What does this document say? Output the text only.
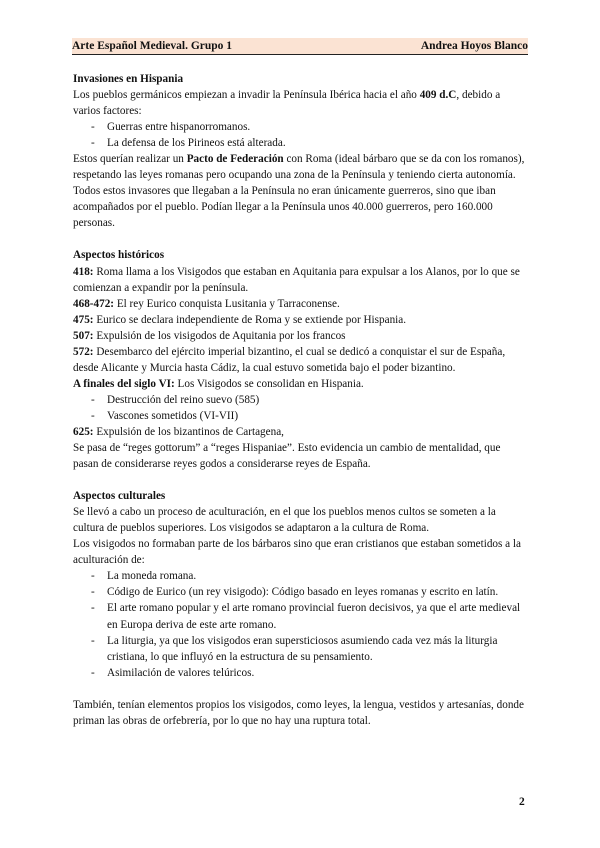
Arte Español Medieval. Grupo 1	Andrea Hoyos Blanco

Invasiones en Hispania

Los pueblos germánicos empiezan a invadir la Península Ibérica hacia el año 409 d.C, debido a varios factores:

- Guerras entre hispanorromanos.
- La defensa de los Pirineos está alterada.

Estos querían realizar un Pacto de Federación con Roma (ideal bárbaro que se da con los romanos), respetando las leyes romanas pero ocupando una zona de la Península y teniendo cierta autonomía. Todos estos invasores que llegaban a la Península no eran únicamente guerreros, sino que iban acompañados por el pueblo. Podían llegar a la Península unos 40.000 guerreros, pero 160.000 personas.

Aspectos históricos

418: Roma llama a los Visigodos que estaban en Aquitania para expulsar a los Alanos, por lo que se comienzan a expandir por la península.

468-472: El rey Eurico conquista Lusitania y Tarraconense.

475: Eurico se declara independiente de Roma y se extiende por Hispania.

507: Expulsión de los visigodos de Aquitania por los francos

572: Desembarco del ejército imperial bizantino, el cual se dedicó a conquistar el sur de España, desde Alicante y Murcia hasta Cádiz, la cual estuvo sometida bajo el poder bizantino.

A finales del siglo VI: Los Visigodos se consolidan en Hispania.

- Destrucción del reino suevo (585)
- Vascones sometidos (VI-VII)

625: Expulsión de los bizantinos de Cartagena,

Se pasa de “reges gottorum” a “reges Hispaniae”. Esto evidencia un cambio de mentalidad, que pasan de considerarse reyes godos a considerarse reyes de España.

Aspectos culturales

Se llevó a cabo un proceso de aculturación, en el que los pueblos menos cultos se someten a la cultura de pueblos superiores. Los visigodos se adaptaron a la cultura de Roma.

Los visigodos no formaban parte de los bárbaros sino que eran cristianos que estaban sometidos a la aculturación de:

- La moneda romana.
- Código de Eurico (un rey visigodo): Código basado en leyes romanas y escrito en latín.
- El arte romano popular y el arte romano provincial fueron decisivos, ya que el arte medieval en Europa deriva de este arte romano.
- La liturgia, ya que los visigodos eran supersticiosos asumiendo cada vez más la liturgia cristiana, lo que influyó en la estructura de su pensamiento.
- Asimilación de valores telúricos.

También, tenían elementos propios los visigodos, como leyes, la lengua, vestidos y artesanías, donde priman las obras de orfebrería, por lo que no hay una ruptura total.

2
